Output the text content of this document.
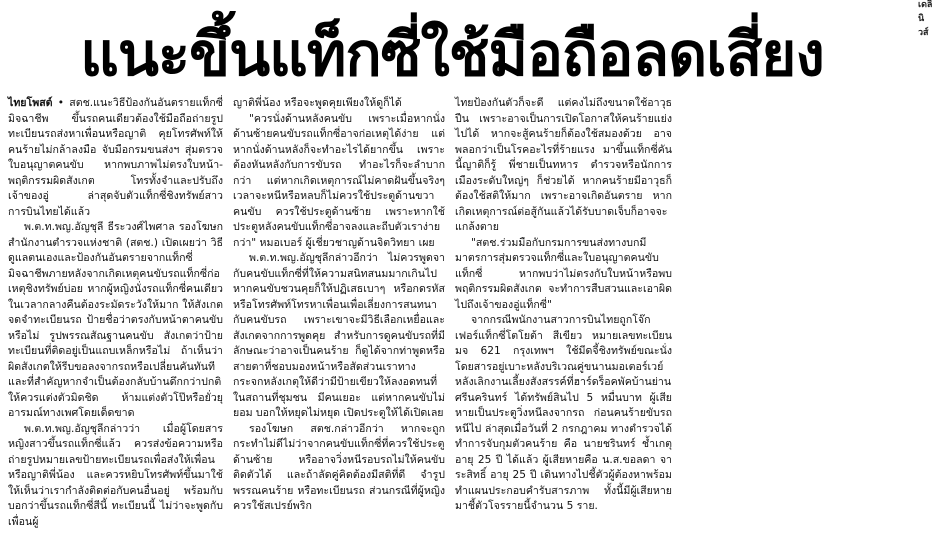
เดลินิวส์
แนะขึ้นแท็กซี่ใช้มือถือลดเสี่ยง

ไทยโพสต์ • สตช.แนะวิธีป้องกันอันตรายแท็กซี่มิจฉาชีพ ขึ้นรถคนเดียวต้องใช้มือถือถ่ายรูปทะเบียนรถส่งหาเพื่อนหรือญาติ คุยโทรศัพท์ให้คนร้ายไม่กล้าลงมือ จับมือกรมขนส่งฯ สุ่มตรวจใบอนุญาตคนขับ หากพบภาพไม่ตรงใบหน้า-พฤติกรรมผิดสังเกต โทรทั้งจำและปรับถึงเจ้าของอู่ ล่าสุดจับตัวแท็กซี่ชิงทรัพย์สาวการบินไทยได้แล้ว

พ.ต.ท.พญ.อัญชุลี ธีระวงศ์ไพศาล รองโฆษกสำนักงานตำรวจแห่งชาติ (สตช.) เปิดเผยว่า วิธีดูแลตนเองและป้องกันอันตรายจากแท็กซี่มิจฉาชีพภายหลังจากเกิดเหตุคนขับรถแท็กซี่ก่อเหตุชิงทรัพย์บ่อย หากผู้หญิงนั่งรถแท็กซี่คนเดียวในเวลากลางคืนต้องระมัดระวังให้มาก ให้สังเกต จดจำทะเบียนรถ ป้ายชื่อว่าตรงกับหน้าตาคนขับหรือไม่ รูปพรรณสัณฐานคนขับ สังเกตว่าป้ายทะเบียนที่ติดอยู่เป็นแถบเหล็กหรือไม่ ถ้าเห็นว่าผิดสังเกตให้รีบขอลงจากรถหรือเปลี่ยนคันทันที และที่สำคัญหากจำเป็นต้องกลับบ้านดึกกว่าปกติ ให้ควรแต่งตัวมิดชิด ห้ามแต่งตัวโป๊หรือยั่วยุอารมณ์ทางเพศโดยเด็ดขาด

พ.ต.ท.พญ.อัญชุลีกล่าวว่า เมื่อผู้โดยสารหญิงสาวขึ้นรถแท็กซี่แล้ว ควรส่งข้อความหรือถ่ายรูปหมายเลขป้ายทะเบียนรถเพื่อส่งให้เพื่อนหรือญาติพี่น้อง และควรหยิบโทรศัพท์ขึ้นมาใช้ให้เห็นว่าเรากำลังติดต่อกับคนอื่นอยู่ พร้อมกับบอกว่าขึ้นรถแท็กซี่สีนี้ ทะเบียนนี้ ไม่ว่าจะพูดกับเพื่อนผู้

ญาติพี่น้อง หรือจะพูดคุยเพียงให้ดูก็ได้

"ควรนั่งด้านหลังคนขับ เพราะเมื่อหากนั่งด้านซ้ายคนขับรถแท็กซี่อาจก่อเหตุได้ง่าย แต่หากนั่งด้านหลังก็จะทำอะไรได้ยากขึ้น เพราะต้องหันหลังกับการขับรถ ทำอะไรก็จะลำบากกว่า แต่หากเกิดเหตุการณ์ไม่คาดฝันขึ้นจริงๆ เวลาจะหนีหรือหลบก็ไม่ควรใช้ประตูด้านขวาคนขับ ควรใช้ประตูด้านซ้าย เพราะหากใช้ประตูหลังคนขับแท็กซี่อาจลงและถีบตัวเราง่ายกว่า" หมอเบอร์ ผู้เชี่ยวชาญด้านจิตวิทยา เผย

พ.ต.ท.พญ.อัญชุลีกล่าวอีกว่า ไม่ควรพูดจากับคนขับแท็กซี่ที่ให้ความสนิทสนมมากเกินไป หากคนขับชวนคุยก็ให้ปฏิเสธเบาๆ หรือกดรหัสหรือโทรศัพท์โทรหาเพื่อนเพื่อเลี่ยงการสนทนากับคนขับรถ เพราะเขาจะมีวิธีเลือกเหยื่อและสังเกตจากการพูดคุย สำหรับการดูคนขับรถที่มีลักษณะว่าอาจเป็นคนร้าย ก็ดูได้จากท่าพูดหรือสายตาที่ชอบมองหน้าหรือสัดส่วนเราทางกระจกหลังเกตุให้ดีว่ามีป้ายเขียวให้ลงอดทนที่ในสถานที่ชุมชน มีคนเยอะ แต่หากคนขับไม่ยอม บอกให้หยุดไม่หยุด เปิดประตูให้ได้เปิดเลย

รองโฆษก สตช.กล่าวอีกว่า หากจะถูกกระทำไม่ดีไม่ว่าจากคนขับแท็กซี่ที่ควรใช้ประตูด้านซ้าย หรืออาจวิ่งหนีรอบรถไม่ให้คนขับติดตัวได้ และถ้าลัดคู่คิดต้องมีสติที่ดี จำรูปพรรณคนร้าย หรือทะเบียนรถ ส่วนกรณีที่ผู้หญิงควรใช้สเปรย์พริก

ไทยป้องกันตัวก็จะดี แต่คงไม่ถึงขนาดใช้อาวุธปืน เพราะอาจเป็นการเปิดโอกาสให้คนร้ายแย่งไปได้ หากจะสู้คนร้ายก็ต้องใช้สมองด้วย อาจพลอกว่าเป็นโรคอะไรที่ร้ายแรง มาขึ้นแท็กซี่คันนี้ญาติก็รู้ พี่ชายเป็นทหาร ตำรวจหรือนักการเมืองระดับใหญ่ๆ ก็ช่วยได้ หากคนร้ายมีอาวุธก็ต้องใช้สติให้มาก เพราะอาจเกิดอันตราย หากเกิดเหตุการณ์ต่อสู้กันแล้วได้รับบาดเจ็บก็อาจจะแกล้งตาย

"สตช.ร่วมมือกับกรมการขนส่งทางบกมีมาตรการสุ่มตรวจแท็กซี่และใบอนุญาตคนขับแท็กซี่ หากพบว่าไม่ตรงกับใบหน้าหรือพบพฤติกรรมผิดสังเกต จะทำการสืบสวนและเอาผิดไปถึงเจ้าของอู่แท็กซี่"

จากกรณีพนักงานสาวการบินไทยถูกโจ๊กเฟอร์แท็กซี่โตโยต้า สีเขียว หมายเลขทะเบียน มจ 621 กรุงเทพฯ ใช้มีดจี้ชิงทรัพย์ขณะนั่งโดยสารอยู่เบาะหลังบริเวณคู่ขนานมอเตอร์เวย์ หลังเลิกงานเลี้ยงสังสรรค์ที่ฮาร์ดร็อคพัคบ้านย่านศรีนครินทร์ ได้ทรัพย์สินไป 5 หมื่นบาท ผู้เสียหายเป็นประตูวิ่งหนีลงจากรถ ก่อนคนร้ายขับรถหนีไป ล่าสุดเมื่อวันที่ 2 กรกฎาคม ทางตำรวจได้ทำการจับกุมตัวคนร้าย คือ นายชรินทร์ ช้ำเกตุ อายุ 25 ปี ได้แล้ว ผู้เสียหายคือ น.ส.ขอลดา จาระสิทธิ์ อายุ 25 ปี เดินทางไปชี้ตัวผู้ต้องหาพร้อมทำแผนประกอบคำรับสารภาพ ทั้งนี้มีผู้เสียหายมาชี้ตัวโจรรายนี้จำนวน 5 ราย.
